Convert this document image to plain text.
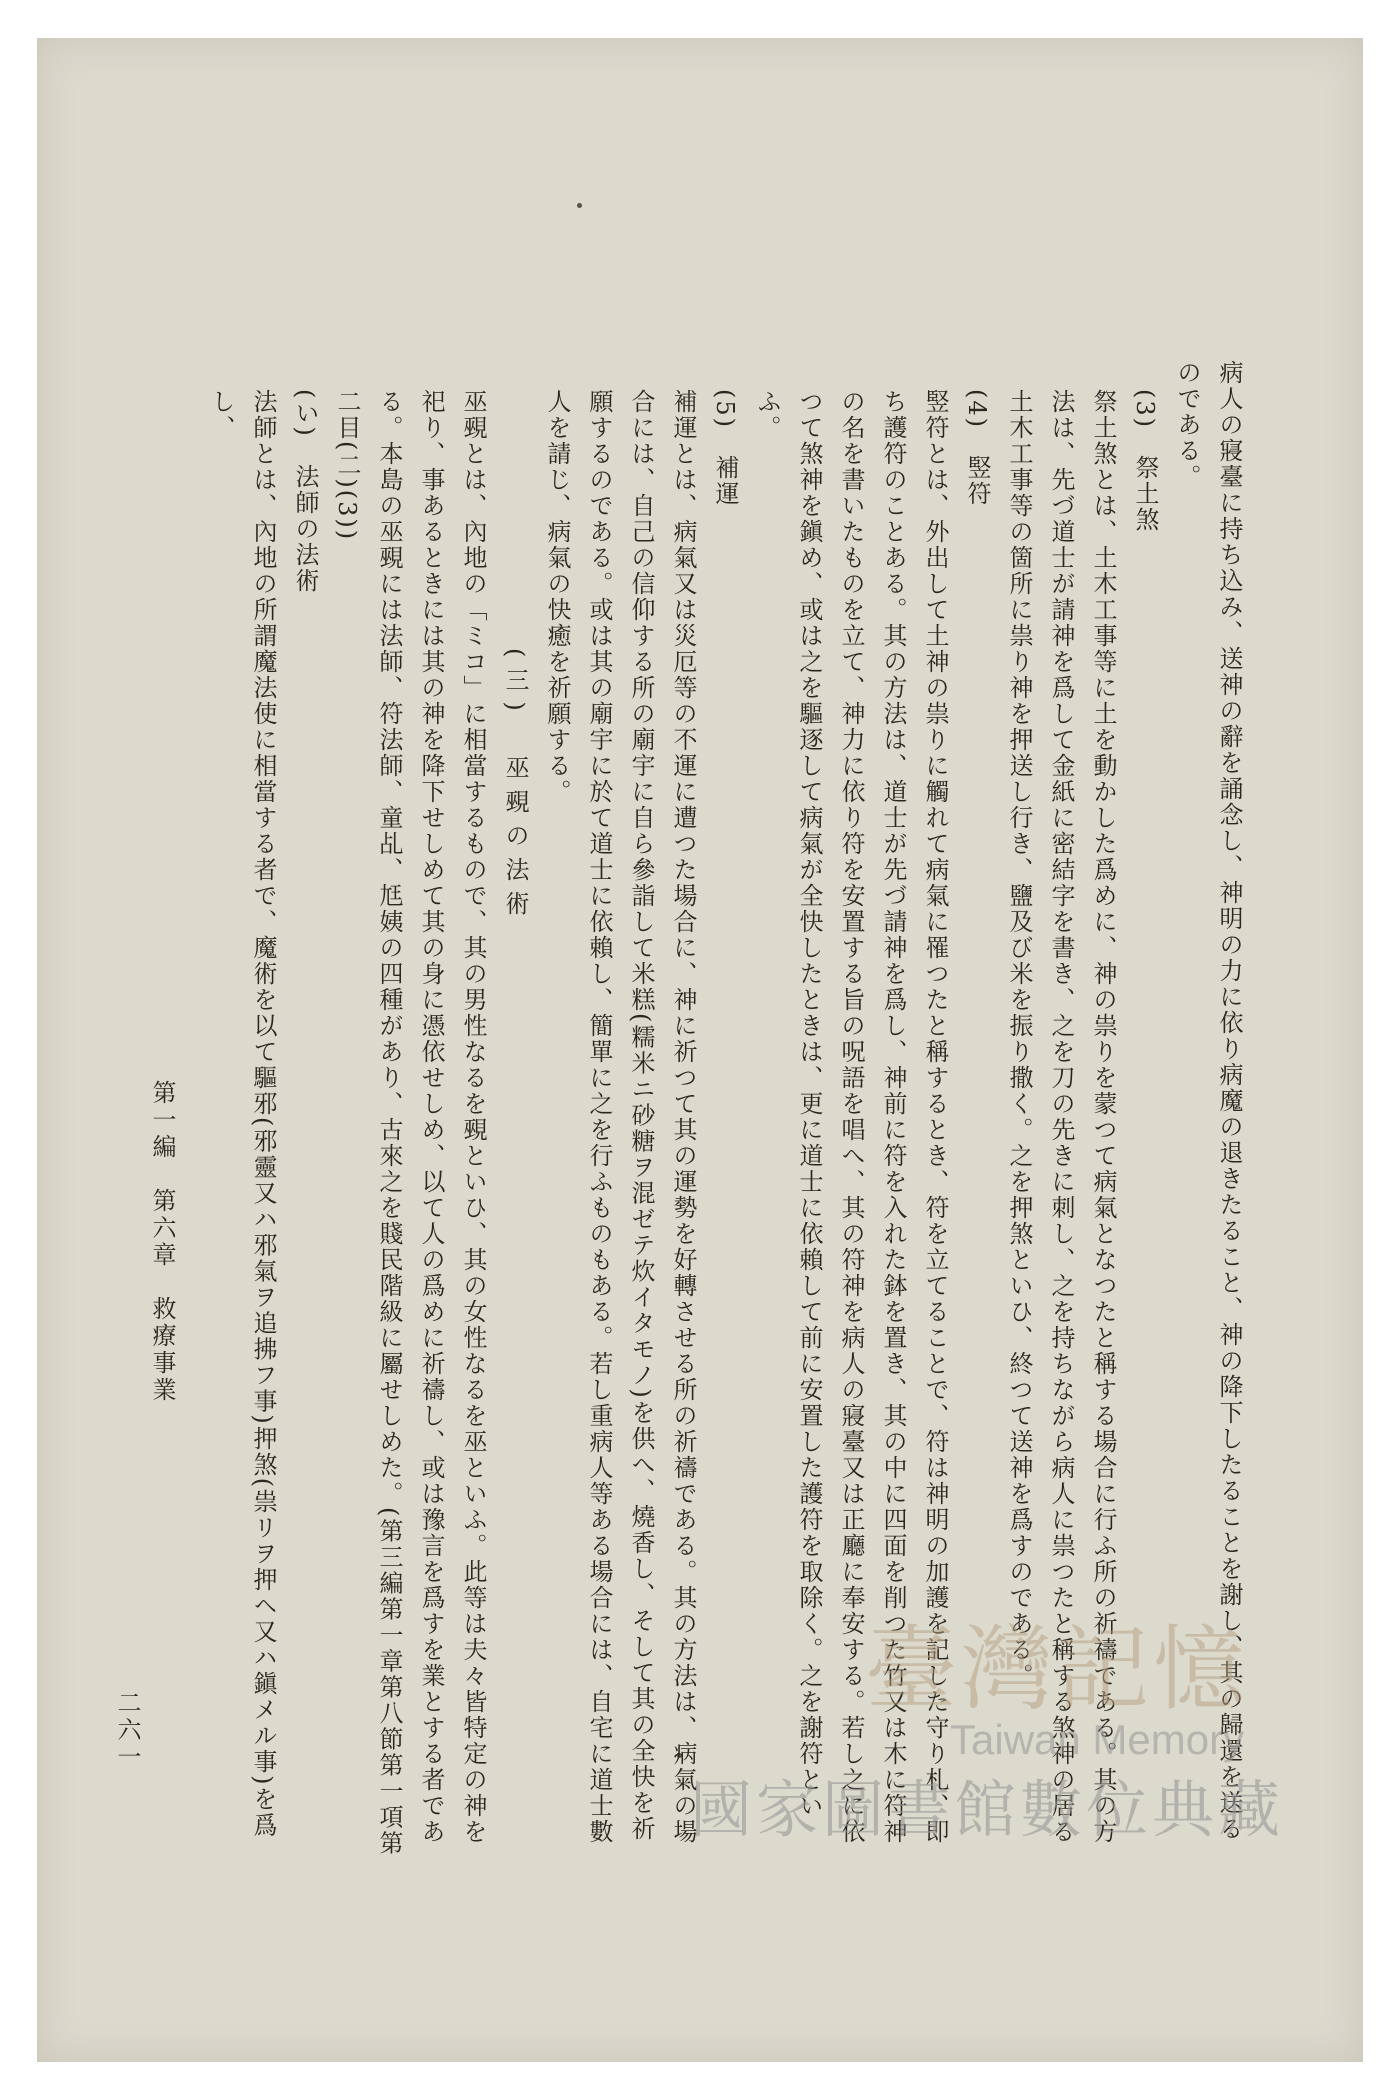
病人の寢臺に持ち込み、送神の辭を誦念し、神明の力に依り病魔の退きたること、神の降下したることを謝し、其の歸還を送るのである。

(3)　祭土煞

祭土煞とは、土木工事等に土を動かした爲めに、神の祟りを蒙つて病氣となつたと稱する場合に行ふ所の祈禱である。其の方法は、先づ道士が請神を爲して金紙に密結字を書き、之を刀の先きに刺し、之を持ちながら病人に祟つたと稱する煞神の居る土木工事等の箇所に祟り神を押送し行き、鹽及び米を振り撒く。之を押煞といひ、終つて送神を爲すのである。

(4)　竪符

竪符とは、外出して土神の祟りに觸れて病氣に罹つたと稱するとき、符を立てることで、符は神明の加護を記した守り札、即ち護符のことある。其の方法は、道士が先づ請神を爲し、神前に符を入れた鉢を置き、其の中に四面を削つた竹又は木に符神の名を書いたものを立て、神力に依り符を安置する旨の呪語を唱へ、其の符神を病人の寢臺又は正廳に奉安する。若し之に依つて煞神を鎭め、或は之を驅逐して病氣が全快したときは、更に道士に依賴して前に安置した護符を取除く。之を謝符といふ。

(5)　補運

補運とは、病氣又は災厄等の不運に遭つた場合に、神に祈つて其の運勢を好轉させる所の祈禱である。其の方法は、病氣の場合には、自己の信仰する所の廟宇に自ら參詣して米糕(糯米ニ砂糖ヲ混ゼテ炊イタモノ)を供へ、燒香し、そして其の全快を祈願するのである。或は其の廟宇に於て道士に依賴し、簡單に之を行ふものもある。若し重病人等ある場合には、自宅に道士數人を請じ、病氣の快癒を祈願する。

(三)　巫覡の法術

巫覡とは、內地の「ミコ」に相當するもので、其の男性なるを覡といひ、其の女性なるを巫といふ。此等は夫々皆特定の神を祀り、事あるときには其の神を降下せしめて其の身に憑依せしめ、以て人の爲めに祈禱し、或は豫言を爲すを業とする者である。本島の巫覡には法師、符法師、童乩、尪姨の四種があり、古來之を賤民階級に屬せしめた。(第三編第一章第八節第一項第二目(二)(3))

(い)　法師の法術

法師とは、內地の所謂魔法使に相當する者で、魔術を以て驅邪(邪靈又ハ邪氣ヲ追拂フ事)押煞(祟リヲ押ヘ又ハ鎭メル事)を爲し、

第一編　第六章　救療事業
二六一
臺灣記憶
Taiwan Memory
國家圖書館數位典藏
